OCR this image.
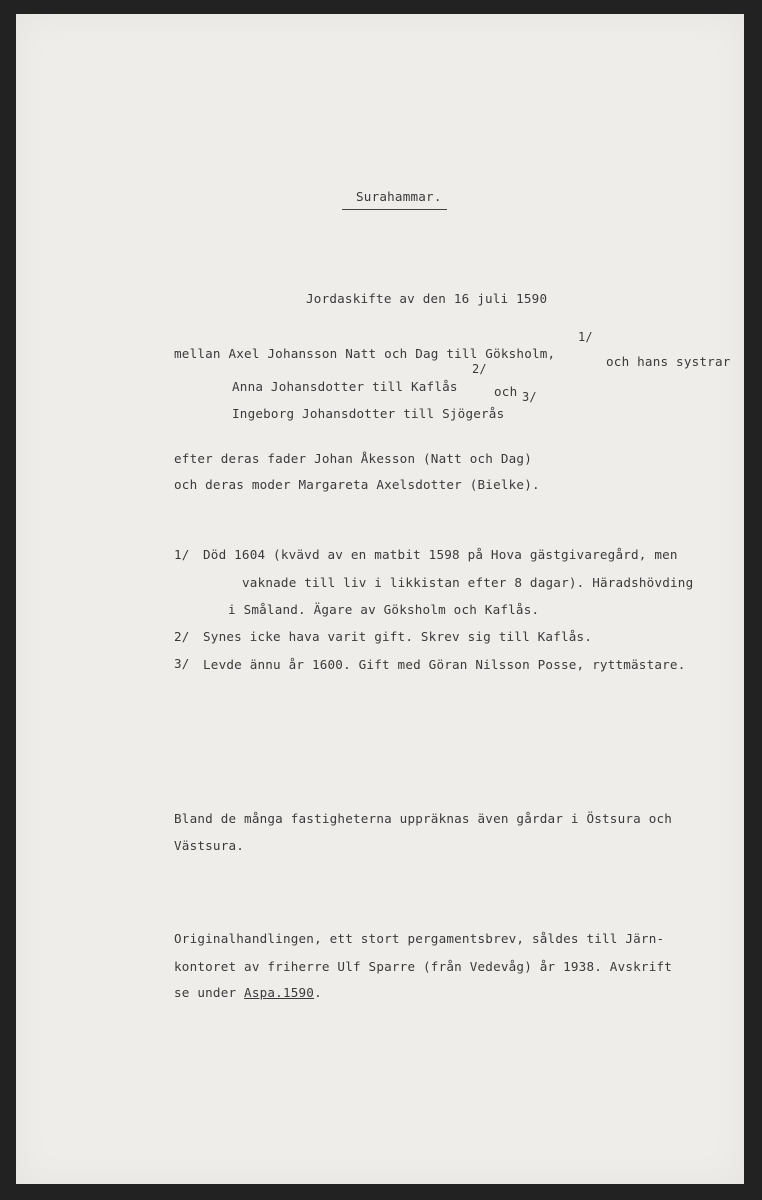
Surahammar.
Jordaskifte av den 16 juli 1590
mellan Axel Johansson Natt och Dag till Göksholm,
1/
och hans systrar
Anna Johansdotter till Kaflås
2/
och
Ingeborg Johansdotter till Sjögerås
3/
efter deras fader Johan Åkesson (Natt och Dag)
och deras moder Margareta Axelsdotter (Bielke).
1/ Död 1604 (kvävd av en matbit 1598 på Hova gästgivaregård, men
vaknade till liv i likkistan efter 8 dagar). Häradshövding
i Småland. Ägare av Göksholm och Kaflås.
2/ Synes icke hava varit gift. Skrev sig till Kaflås.
3/ Levde ännu år 1600. Gift med Göran Nilsson Posse, ryttmästare.
Bland de många fastigheterna uppräknas även gårdar i Östsura och
Västsura.
Originalhandlingen, ett stort pergamentsbrev, såldes till Järn-
kontoret av friherre Ulf Sparre (från Vedevåg) år 1938. Avskrift
se under Aspa.1590.
